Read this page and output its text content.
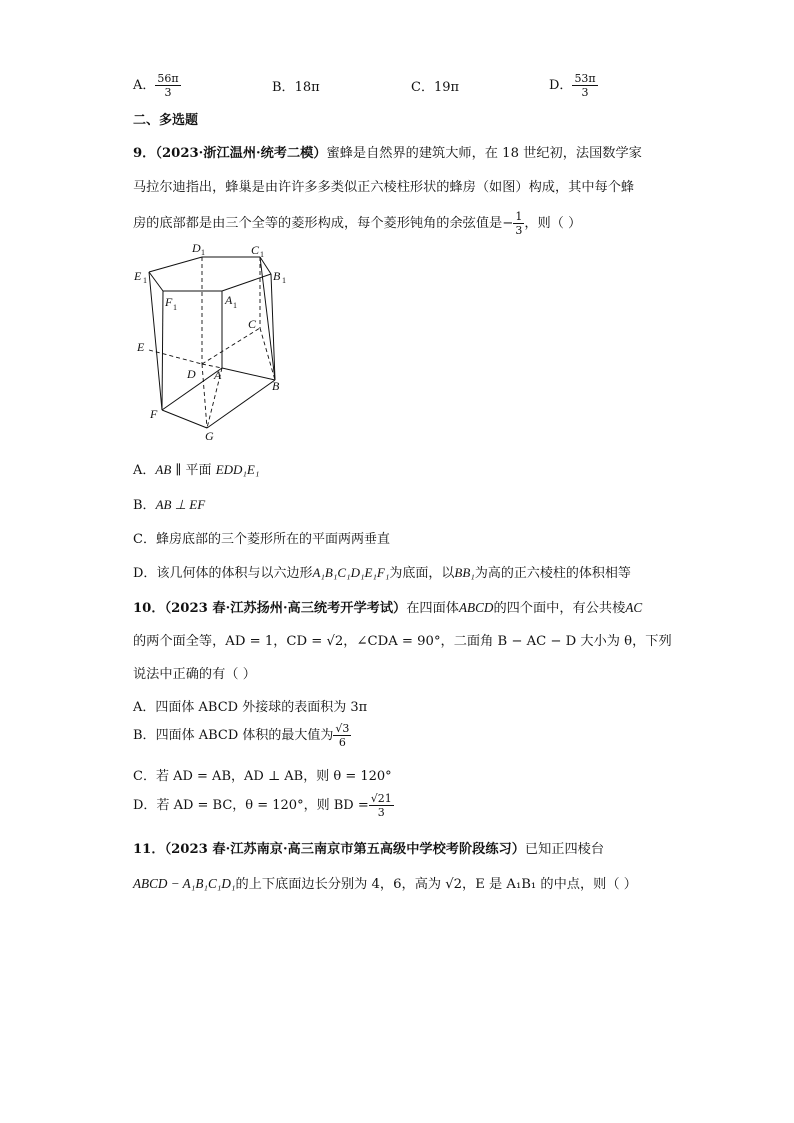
A． $\frac{56\pi}{3}$	B．18π	C．19π	D． $\frac{53\pi}{3}$
二、多选题
9．（2023·浙江温州·统考二模）蜜蜂是自然界的建筑大师，在 18 世纪初，法国数学家
马拉尔迪指出，蜂巢是由许许多多类似正六棱柱形状的蜂房（如图）构成，其中每个蜂
房的底部都是由三个全等的菱形构成，每个菱形钝角的余弦值是− $\frac{1}{3}$ ，则（ ）
D 1	C 1
E 1	B 1
F 1
A 1
C
E
D A
B
F
G
A．AB ∥ 平面 EDD₁E₁
B．AB ⊥ EF
C．蜂房底部的三个菱形所在的平面两两垂直
D．该几何体的体积与以六边形A₁B₁C₁D₁E₁F₁为底面，以BB₁为高的正六棱柱的体积相等
10．（2023 春·江苏扬州·高三统考开学考试）在四面体ABCD的四个面中，有公共棱AC
的两个面全等，AD = 1，CD = √2，∠CDA = 90°，二面角 B − AC − D 大小为 θ，下列
说法中正确的有（ ）
A．四面体 ABCD 外接球的表面积为 3π
B．四面体 ABCD 体积的最大值为 $\frac{√3}{6}$
C．若 AD = AB，AD ⊥ AB，则 θ = 120°
D．若 AD = BC，θ = 120°，则 BD = $\frac{√21}{3}$
11．（2023 春·江苏南京·高三南京市第五高级中学校考阶段练习）已知正四棱台
ABCD − A₁B₁C₁D₁的上下底面边长分别为 4，6，高为 √2，E 是 A₁B₁ 的中点，则（ ）
